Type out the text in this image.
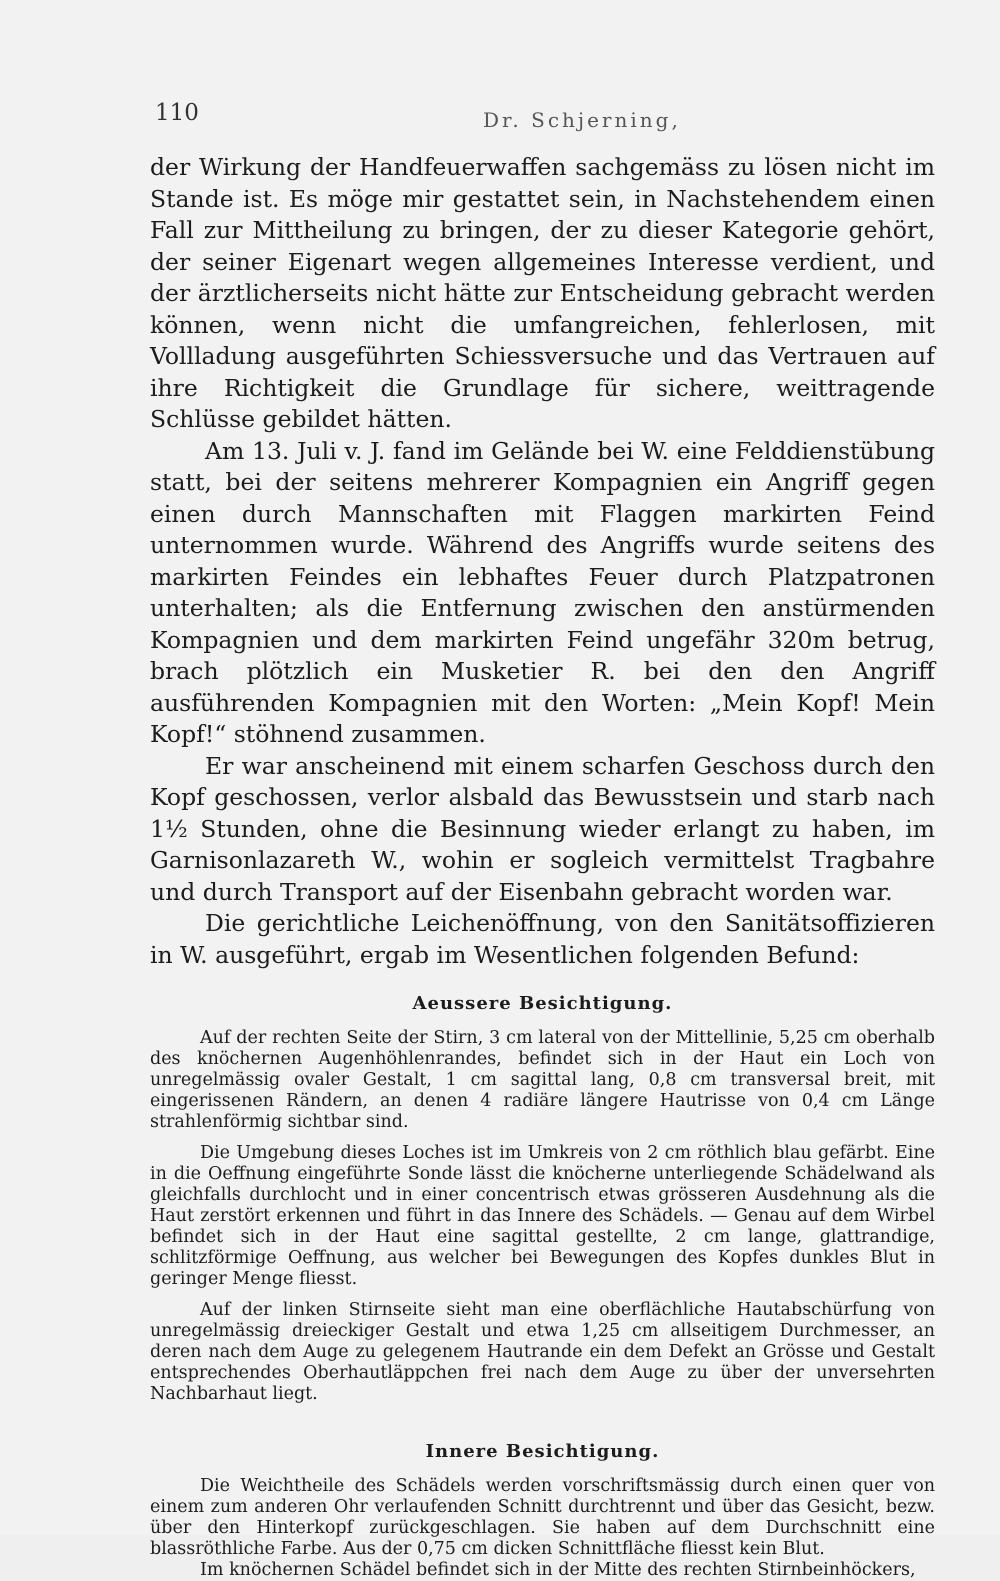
110	Dr. Schjerning,

der Wirkung der Handfeuerwaffen sachgemäss zu lösen nicht im Stande ist. Es möge mir gestattet sein, in Nachstehendem einen Fall zur Mittheilung zu bringen, der zu dieser Kategorie gehört, der seiner Eigenart wegen allgemeines Interesse verdient, und der ärztlicherseits nicht hätte zur Entscheidung gebracht werden können, wenn nicht die umfangreichen, fehlerlosen, mit Vollladung ausgeführten Schiessversuche und das Vertrauen auf ihre Richtigkeit die Grundlage für sichere, weittragende Schlüsse gebildet hätten.

Am 13. Juli v. J. fand im Gelände bei W. eine Felddienstübung statt, bei der seitens mehrerer Kompagnien ein Angriff gegen einen durch Mannschaften mit Flaggen markirten Feind unternommen wurde. Während des Angriffs wurde seitens des markirten Feindes ein lebhaftes Feuer durch Platzpatronen unterhalten; als die Entfernung zwischen den anstürmenden Kompagnien und dem markirten Feind ungefähr 320m betrug, brach plötzlich ein Musketier R. bei den den Angriff ausführenden Kompagnien mit den Worten: „Mein Kopf! Mein Kopf!“ stöhnend zusammen.

Er war anscheinend mit einem scharfen Geschoss durch den Kopf geschossen, verlor alsbald das Bewusstsein und starb nach 1½ Stunden, ohne die Besinnung wieder erlangt zu haben, im Garnisonlazareth W., wohin er sogleich vermittelst Tragbahre und durch Transport auf der Eisenbahn gebracht worden war.

Die gerichtliche Leichenöffnung, von den Sanitätsoffizieren in W. ausgeführt, ergab im Wesentlichen folgenden Befund:

Aeussere Besichtigung.

Auf der rechten Seite der Stirn, 3 cm lateral von der Mittellinie, 5,25 cm oberhalb des knöchernen Augenhöhlenrandes, befindet sich in der Haut ein Loch von unregelmässig ovaler Gestalt, 1 cm sagittal lang, 0,8 cm transversal breit, mit eingerissenen Rändern, an denen 4 radiäre längere Hautrisse von 0,4 cm Länge strahlenförmig sichtbar sind.

Die Umgebung dieses Loches ist im Umkreis von 2 cm röthlich blau gefärbt. Eine in die Oeffnung eingeführte Sonde lässt die knöcherne unterliegende Schädelwand als gleichfalls durchlocht und in einer concentrisch etwas grösseren Ausdehnung als die Haut zerstört erkennen und führt in das Innere des Schädels. — Genau auf dem Wirbel befindet sich in der Haut eine sagittal gestellte, 2 cm lange, glattrandige, schlitzförmige Oeffnung, aus welcher bei Bewegungen des Kopfes dunkles Blut in geringer Menge fliesst.

Auf der linken Stirnseite sieht man eine oberflächliche Hautabschürfung von unregelmässig dreieckiger Gestalt und etwa 1,25 cm allseitigem Durchmesser, an deren nach dem Auge zu gelegenem Hautrande ein dem Defekt an Grösse und Gestalt entsprechendes Oberhautläppchen frei nach dem Auge zu über der unversehrten Nachbarhaut liegt.

Innere Besichtigung.

Die Weichtheile des Schädels werden vorschriftsmässig durch einen quer von einem zum anderen Ohr verlaufenden Schnitt durchtrennt und über das Gesicht, bezw. über den Hinterkopf zurückgeschlagen. Sie haben auf dem Durchschnitt eine blassröthliche Farbe. Aus der 0,75 cm dicken Schnittfläche fliesst kein Blut.

Im knöchernen Schädel befindet sich in der Mitte des rechten Stirnbeinhöckers,
